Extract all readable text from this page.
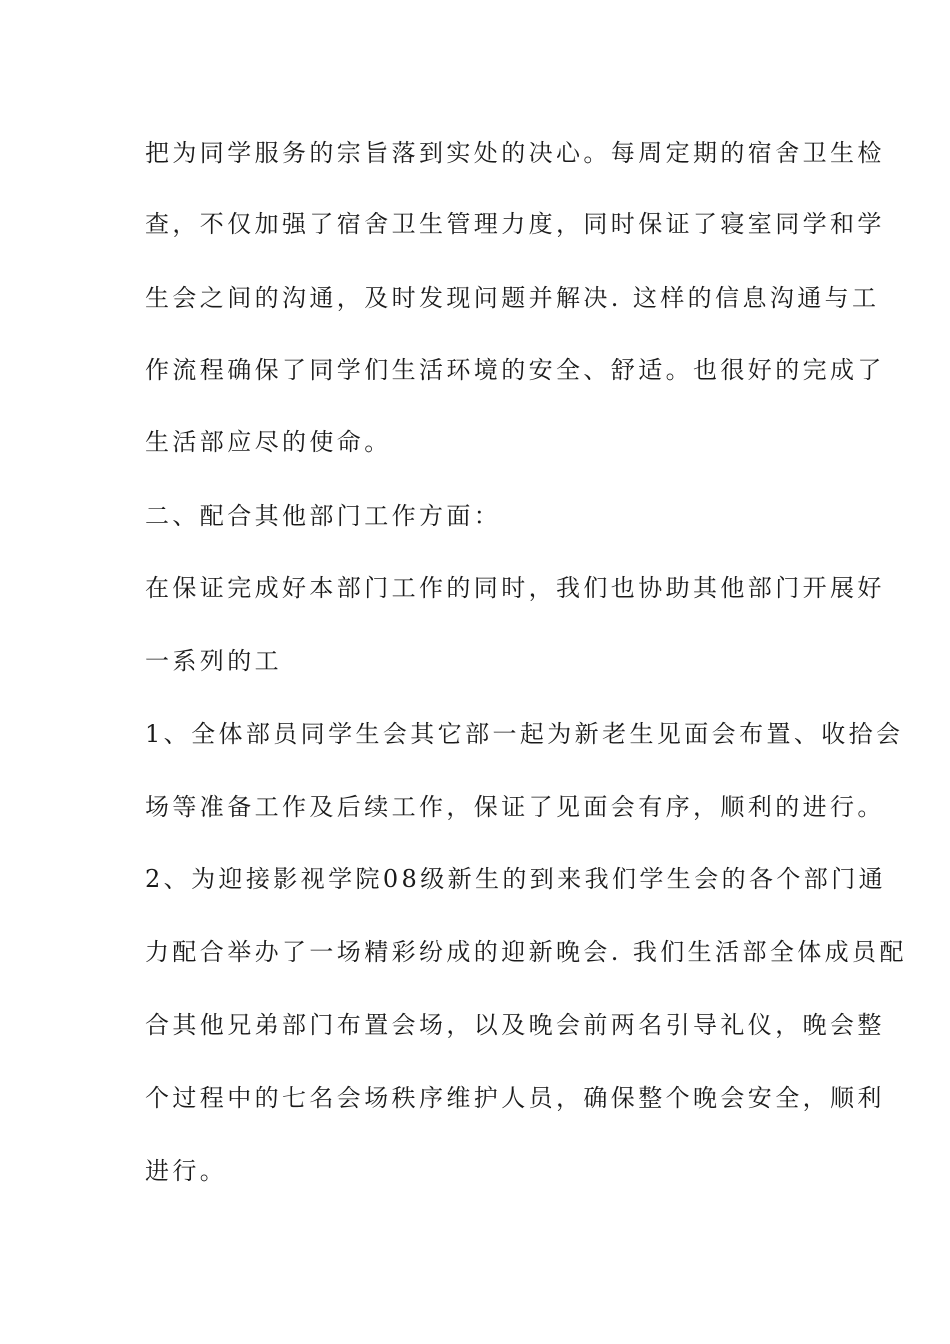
把为同学服务的宗旨落到实处的决心。每周定期的宿舍卫生检
查，不仅加强了宿舍卫生管理力度，同时保证了寝室同学和学
生会之间的沟通，及时发现问题并解决. 这样的信息沟通与工
作流程确保了同学们生活环境的安全、舒适。也很好的完成了
生活部应尽的使命。
二、配合其他部门工作方面：
在保证完成好本部门工作的同时，我们也协助其他部门开展好
一系列的工
1、全体部员同学生会其它部一起为新老生见面会布置、收拾会
场等准备工作及后续工作，保证了见面会有序，顺利的进行。
2、为迎接影视学院08级新生的到来我们学生会的各个部门通
力配合举办了一场精彩纷成的迎新晚会. 我们生活部全体成员配
合其他兄弟部门布置会场，以及晚会前两名引导礼仪，晚会整
个过程中的七名会场秩序维护人员，确保整个晚会安全，顺利
进行。
